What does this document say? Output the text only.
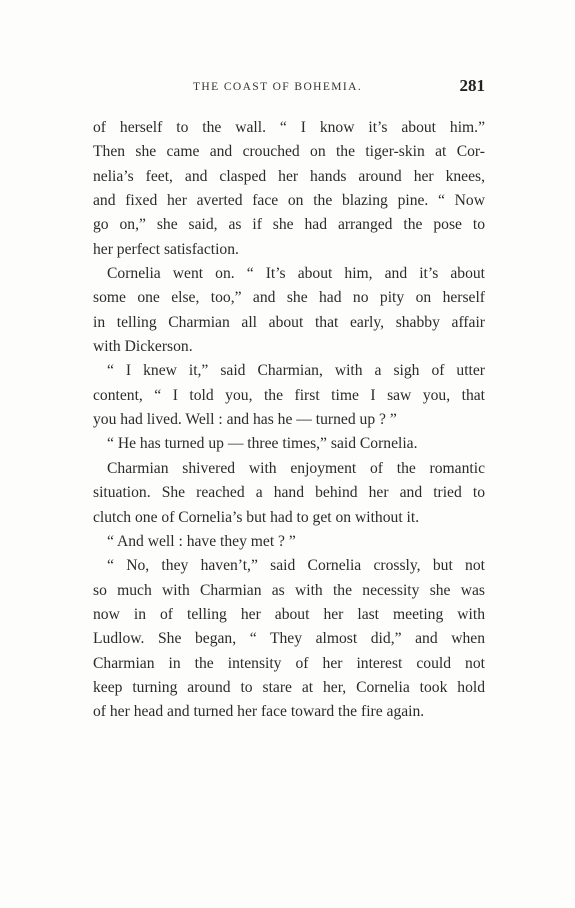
THE COAST OF BOHEMIA.	281
of herself to the wall. “ I know it’s about him.”
Then she came and crouched on the tiger-skin at Cor-
nelia’s feet, and clasped her hands around her knees,
and fixed her averted face on the blazing pine. “ Now
go on,” she said, as if she had arranged the pose to
her perfect satisfaction.
Cornelia went on. “ It’s about him, and it’s about
some one else, too,” and she had no pity on herself
in telling Charmian all about that early, shabby affair
with Dickerson.
“ I knew it,” said Charmian, with a sigh of utter
content, “ I told you, the first time I saw you, that
you had lived. Well : and has he — turned up ? ”
“ He has turned up — three times,” said Cornelia.
Charmian shivered with enjoyment of the romantic
situation. She reached a hand behind her and tried to
clutch one of Cornelia’s but had to get on without it.
“ And well : have they met ? ”
“ No, they haven’t,” said Cornelia crossly, but not
so much with Charmian as with the necessity she was
now in of telling her about her last meeting with
Ludlow. She began, “ They almost did,” and when
Charmian in the intensity of her interest could not
keep turning around to stare at her, Cornelia took hold
of her head and turned her face toward the fire again.
